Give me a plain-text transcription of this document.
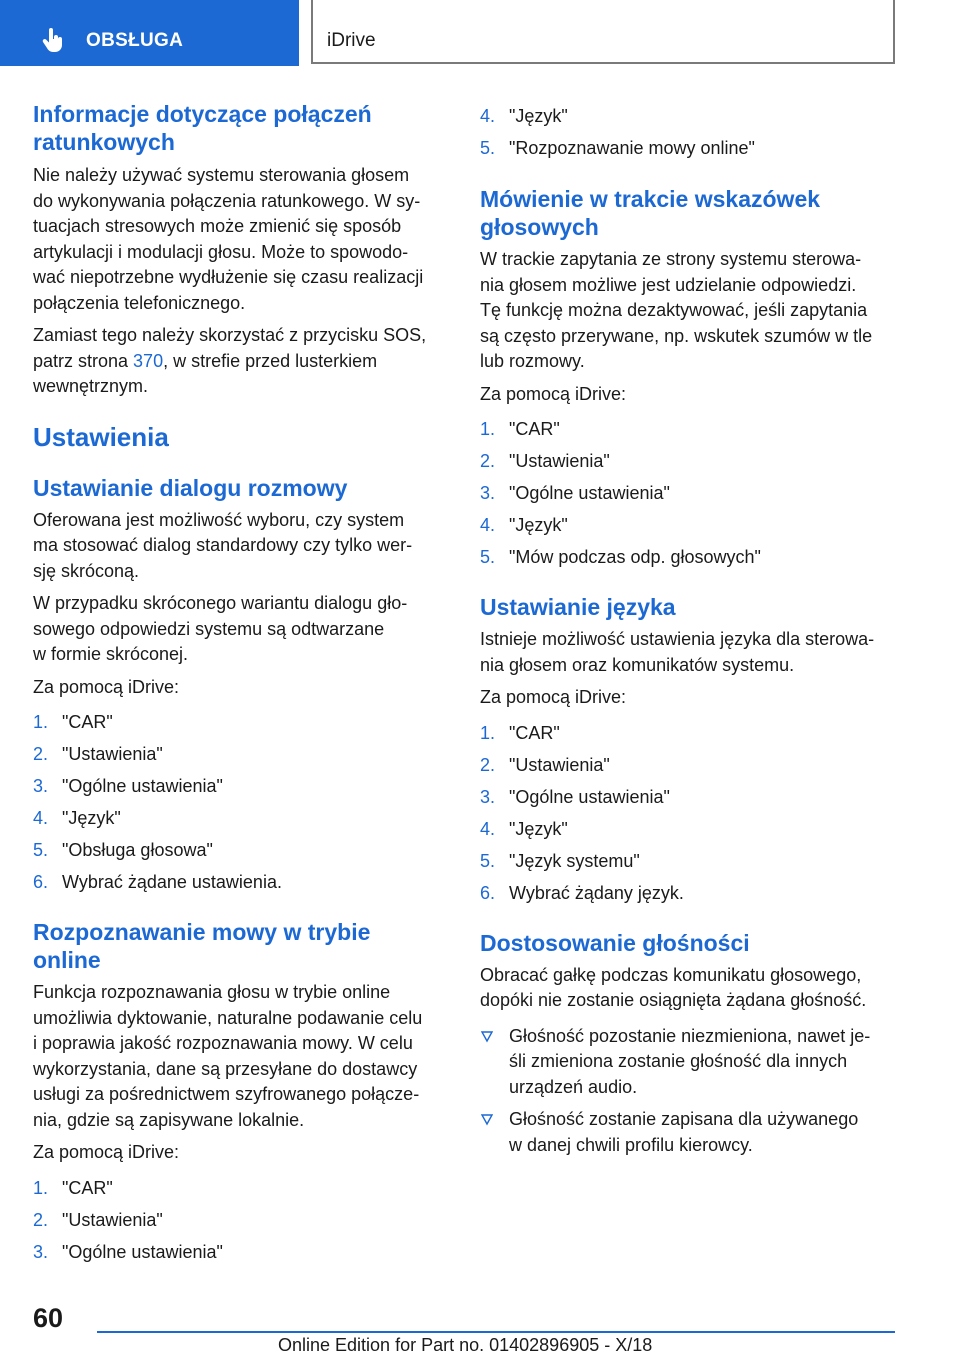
OBSŁUGA	iDrive
Informacje dotyczące połączeń
ratunkowych

Nie należy używać systemu sterowania głosem
do wykonywania połączenia ratunkowego. W sy‐
tuacjach stresowych może zmienić się sposób
artykulacji i modulacji głosu. Może to spowodo‐
wać niepotrzebne wydłużenie się czasu realizacji
połączenia telefonicznego.

Zamiast tego należy skorzystać z przycisku SOS,
patrz strona 370, w strefie przed lusterkiem
wewnętrznym.

Ustawienia
Ustawianie dialogu rozmowy

Oferowana jest możliwość wyboru, czy system
ma stosować dialog standardowy czy tylko wer‐
sję skróconą.

W przypadku skróconego wariantu dialogu gło‐
sowego odpowiedzi systemu są odtwarzane
w formie skróconej.

Za pomocą iDrive:

1. "CAR"
2. "Ustawienia"
3. "Ogólne ustawienia"
4. "Język"
5. "Obsługa głosowa"
6. Wybrać żądane ustawienia.
Rozpoznawanie mowy w trybie
online

Funkcja rozpoznawania głosu w trybie online
umożliwia dyktowanie, naturalne podawanie celu
i poprawia jakość rozpoznawania mowy. W celu
wykorzystania, dane są przesyłane do dostawcy
usługi za pośrednictwem szyfrowanego połącze‐
nia, gdzie są zapisywane lokalnie.

Za pomocą iDrive:

1. "CAR"
2. "Ustawienia"
3. "Ogólne ustawienia"
4. "Język"
5. "Rozpoznawanie mowy online"
Mówienie w trakcie wskazówek
głosowych

W trackie zapytania ze strony systemu sterowa‐
nia głosem możliwe jest udzielanie odpowiedzi.
Tę funkcję można dezaktywować, jeśli zapytania
są często przerywane, np. wskutek szumów w tle
lub rozmowy.

Za pomocą iDrive:

1. "CAR"
2. "Ustawienia"
3. "Ogólne ustawienia"
4. "Język"
5. "Mów podczas odp. głosowych"
Ustawianie języka

Istnieje możliwość ustawienia języka dla sterowa‐
nia głosem oraz komunikatów systemu.

Za pomocą iDrive:

1. "CAR"
2. "Ustawienia"
3. "Ogólne ustawienia"
4. "Język"
5. "Język systemu"
6. Wybrać żądany język.
Dostosowanie głośności

Obracać gałkę podczas komunikatu głosowego,
dopóki nie zostanie osiągnięta żądana głośność.

Głośność pozostanie niezmieniona, nawet je‐
śli zmieniona zostanie głośność dla innych
urządzeń audio.
Głośność zostanie zapisana dla używanego
w danej chwili profilu kierowcy.
60
Online Edition for Part no. 01402896905 - X/18
